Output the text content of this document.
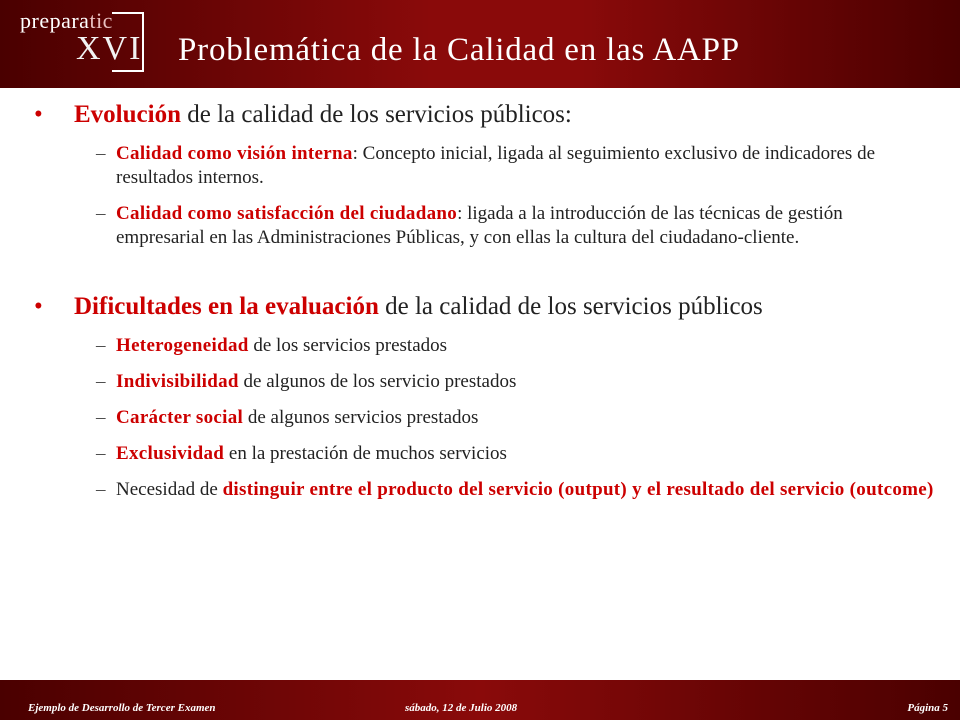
preparatic
XVI Problemática de la Calidad en las AAPP
• Evolución de la calidad de los servicios públicos:
– Calidad como visión interna: Concepto inicial, ligada al seguimiento exclusivo de indicadores de resultados internos.
– Calidad como satisfacción del ciudadano: ligada a la introducción de las técnicas de gestión empresarial en las Administraciones Públicas, y con ellas la cultura del ciudadano-cliente.
• Dificultades en la evaluación de la calidad de los servicios públicos
– Heterogeneidad de los servicios prestados
– Indivisibilidad de algunos de los servicio prestados
– Carácter social de algunos servicios prestados
– Exclusividad en la prestación de muchos servicios
– Necesidad de distinguir entre el producto del servicio (output) y el resultado del servicio (outcome)
Ejemplo de Desarrollo de Tercer Examen	sábado, 12 de Julio 2008	Página 5
